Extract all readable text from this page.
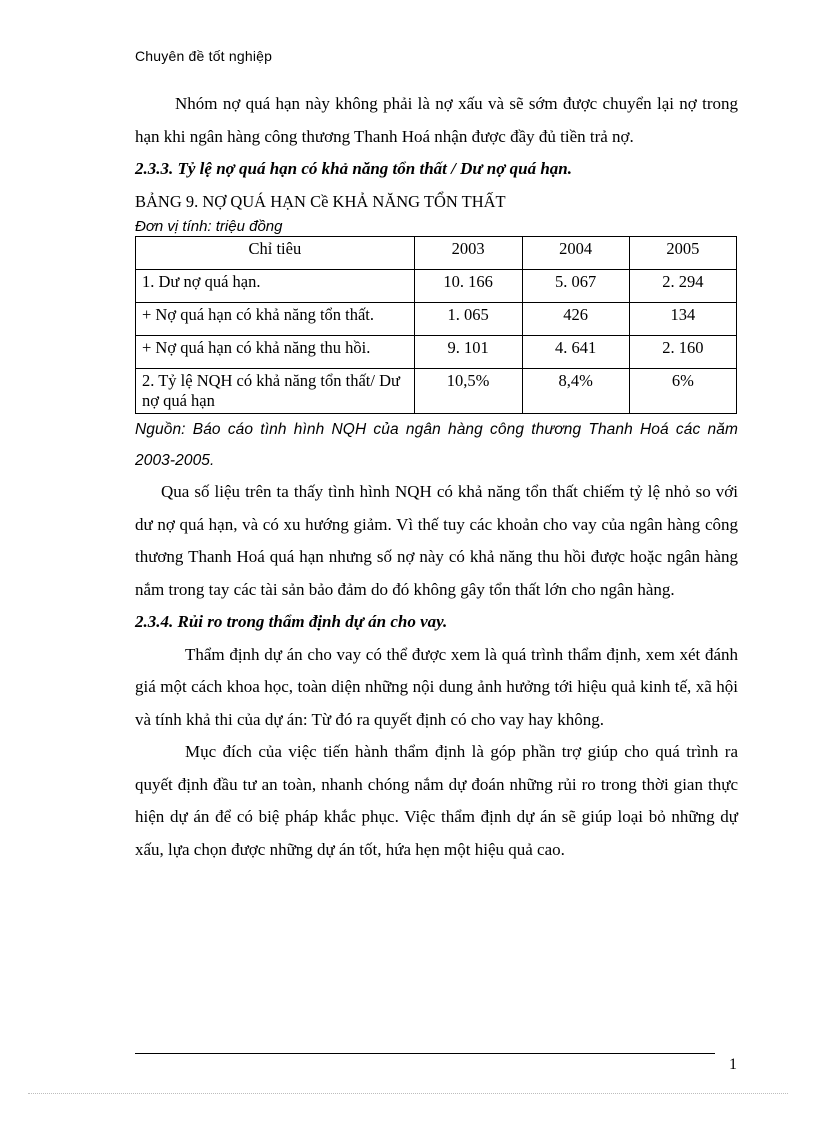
Chuyên đề tốt nghiệp

Nhóm nợ quá hạn này không phải là nợ xấu và sẽ sớm được chuyển lại nợ trong hạn khi ngân hàng công thương Thanh Hoá nhận được đầy đủ tiền trả nợ.

2.3.3. Tỷ lệ nợ quá hạn có khả năng tổn thất / Dư nợ quá hạn.

BẢNG 9. NỢ QUÁ HẠN Cề KHẢ NĂNG TỔN THẤT

Đơn vị tính: triệu đồng

Chỉ tiêu	2003	2004	2005
1. Dư nợ quá hạn.	10. 166	5. 067	2. 294
+ Nợ quá hạn có khả năng tổn thất.	1. 065	426	134
+ Nợ quá hạn có khả năng thu hồi.	9. 101	4. 641	2. 160
2. Tỷ lệ NQH có khả năng tổn thất/ Dư nợ quá hạn	10,5%	8,4%	6%

Nguồn: Báo cáo tình hình NQH của ngân hàng công thương Thanh Hoá các năm 2003-2005.

Qua số liệu trên ta thấy tình hình NQH có khả năng tổn thất chiếm tỷ lệ nhỏ so với dư nợ quá hạn, và có xu hướng giảm. Vì thế tuy các khoản cho vay của ngân hàng công thương Thanh Hoá quá hạn nhưng số nợ này có khả năng thu hồi được hoặc ngân hàng nắm trong tay các tài sản bảo đảm do đó không gây tổn thất lớn cho ngân hàng.

2.3.4. Rủi ro trong thẩm định dự án cho vay.

Thẩm định dự án cho vay có thể được xem là quá trình thẩm định, xem xét đánh giá một cách khoa học, toàn diện những nội dung ảnh hưởng tới hiệu quả kinh tế, xã hội và tính khả thi của dự án: Từ đó ra quyết định có cho vay hay không.

Mục đích của việc tiến hành thẩm định là góp phần trợ giúp cho quá trình ra quyết định đầu tư an toàn, nhanh chóng nắm dự đoán những rủi ro trong thời gian thực hiện dự án để có biệ pháp khắc phục. Việc thẩm định dự án sẽ giúp loại bỏ những dự xấu, lựa chọn được những dự án tốt, hứa hẹn một hiệu quả cao.

1
